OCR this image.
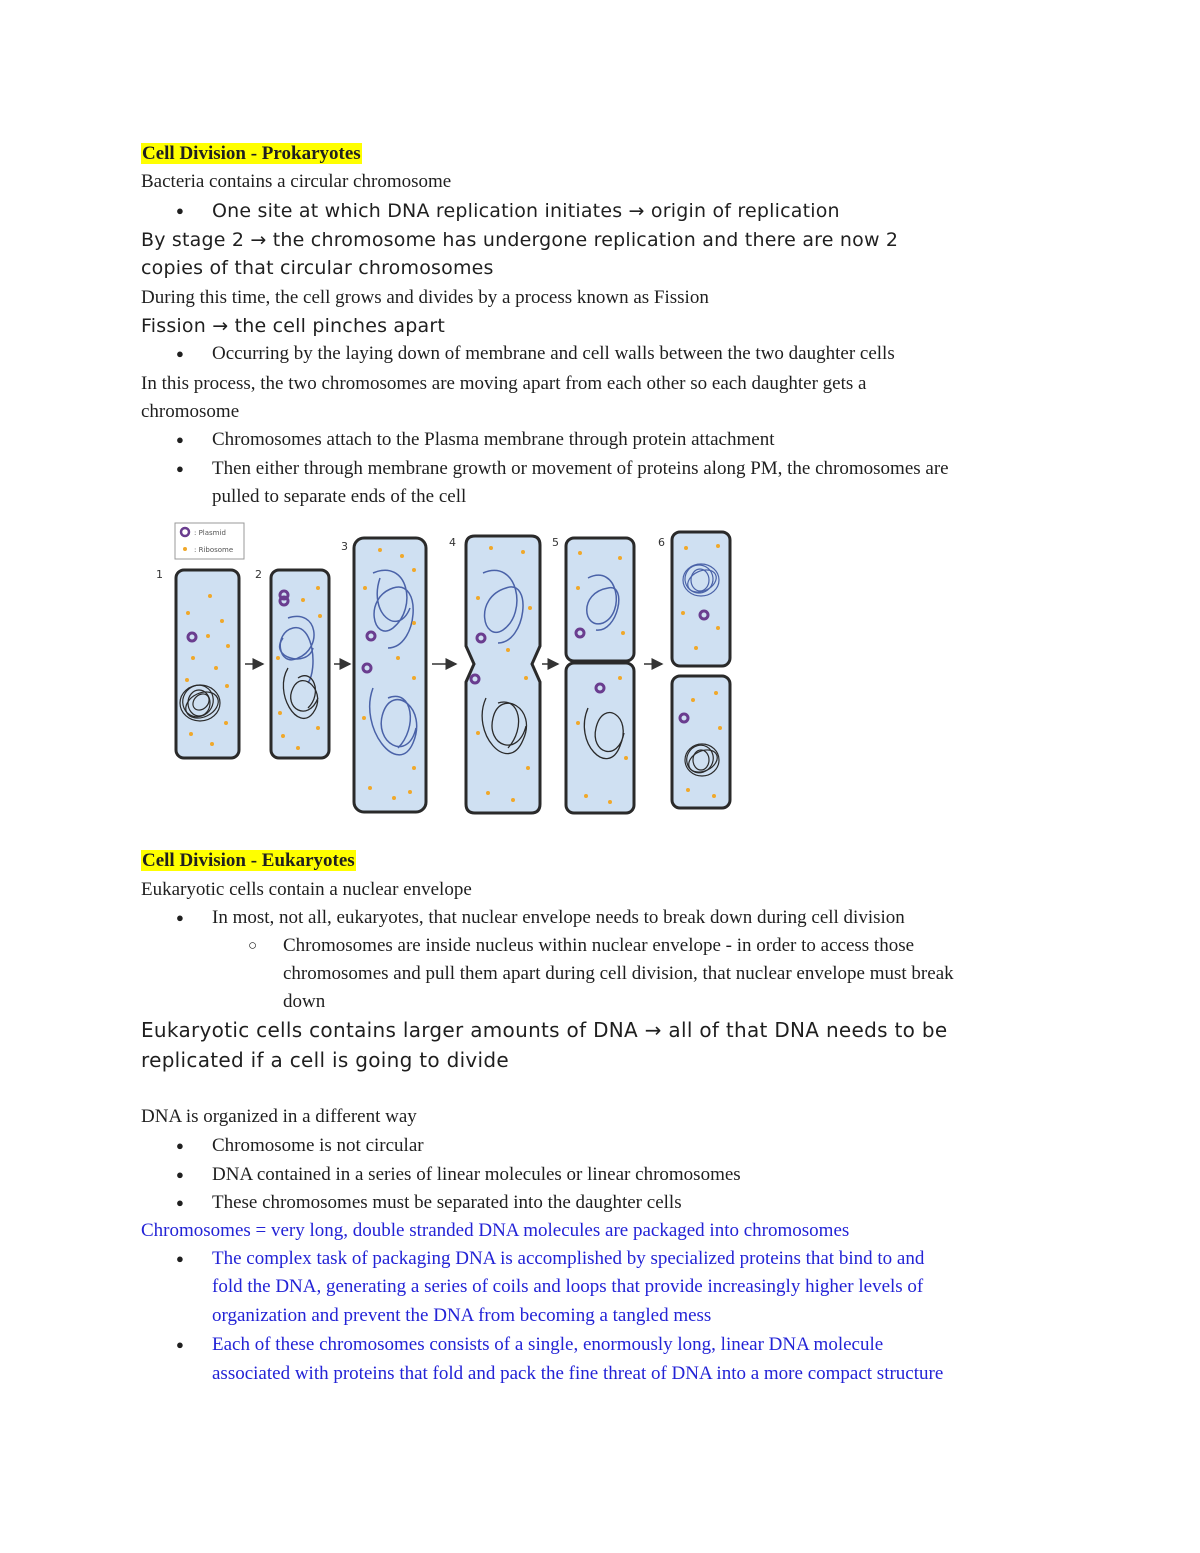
Cell Division - Prokaryotes
Bacteria contains a circular chromosome
● One site at which DNA replication initiates → origin of replication
By stage 2 → the chromosome has undergone replication and there are now 2
copies of that circular chromosomes
During this time, the cell grows and divides by a process known as Fission
Fission → the cell pinches apart
● Occurring by the laying down of membrane and cell walls between the two daughter cells
In this process, the two chromosomes are moving apart from each other so each daughter gets a
chromosome
● Chromosomes attach to the Plasma membrane through protein attachment
● Then either through membrane growth or movement of proteins along PM, the chromosomes are
pulled to separate ends of the cell
: Plasmid
: Ribosome
1	2
3	4	5	6
Cell Division - Eukaryotes
Eukaryotic cells contain a nuclear envelope
● In most, not all, eukaryotes, that nuclear envelope needs to break down during cell division
○ Chromosomes are inside nucleus within nuclear envelope - in order to access those
chromosomes and pull them apart during cell division, that nuclear envelope must break
down
Eukaryotic cells contains larger amounts of DNA → all of that DNA needs to be
replicated if a cell is going to divide
DNA is organized in a different way
● Chromosome is not circular
● DNA contained in a series of linear molecules or linear chromosomes
● These chromosomes must be separated into the daughter cells
Chromosomes = very long, double stranded DNA molecules are packaged into chromosomes
● The complex task of packaging DNA is accomplished by specialized proteins that bind to and
fold the DNA, generating a series of coils and loops that provide increasingly higher levels of
organization and prevent the DNA from becoming a tangled mess
● Each of these chromosomes consists of a single, enormously long, linear DNA molecule
associated with proteins that fold and pack the fine threat of DNA into a more compact structure
